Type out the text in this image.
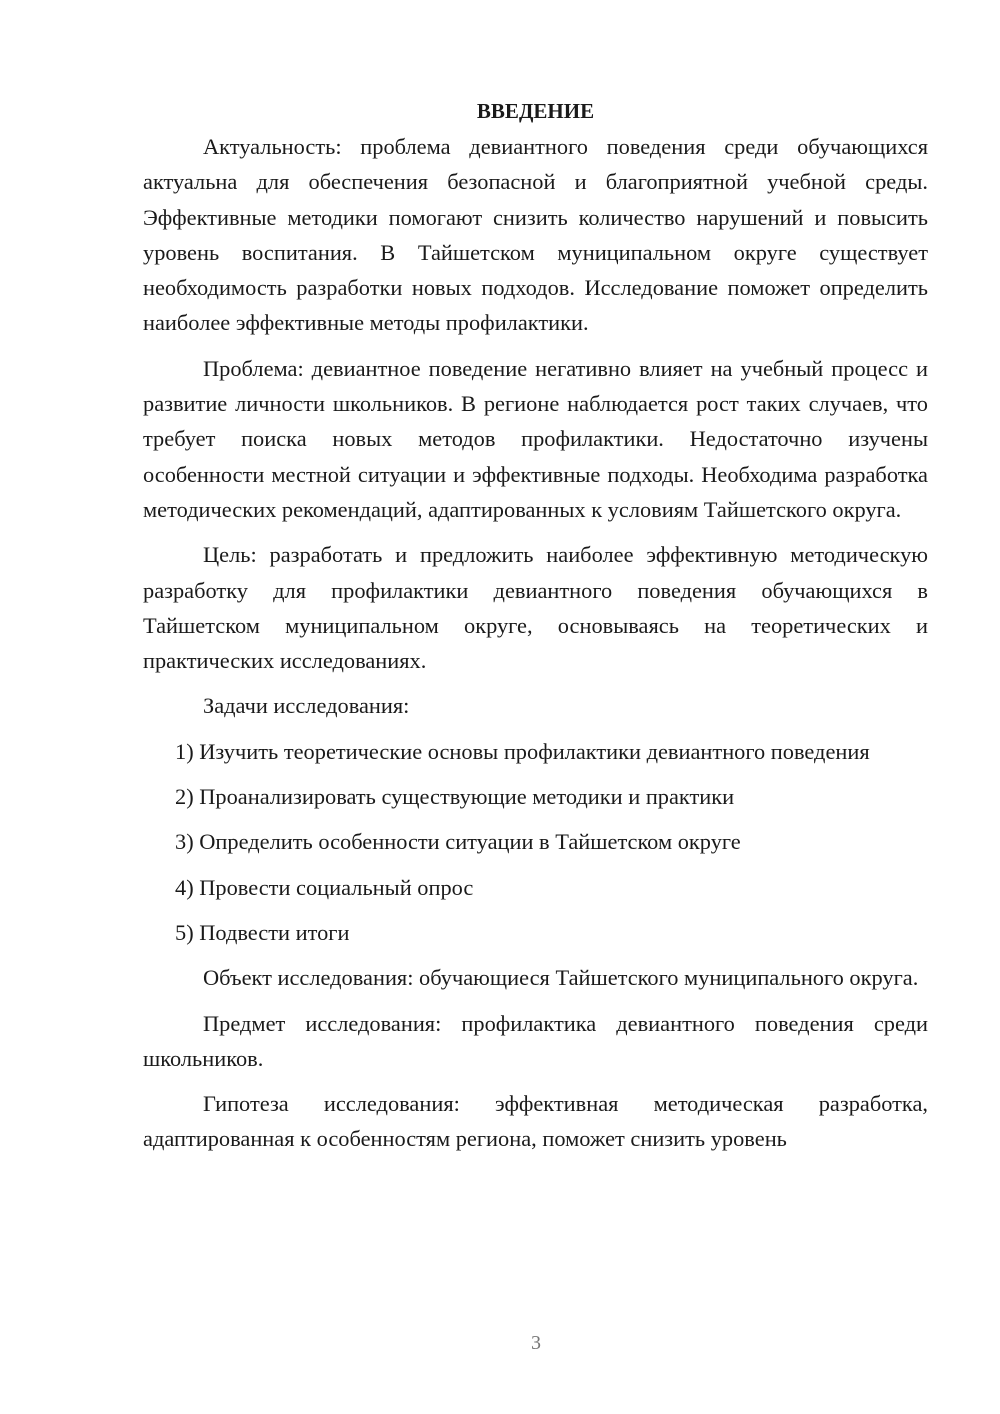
ВВЕДЕНИЕ

Актуальность: проблема девиантного поведения среди обучающихся актуальна для обеспечения безопасной и благоприятной учебной среды. Эффективные методики помогают снизить количество нарушений и повысить уровень воспитания. В Тайшетском муниципальном округе существует необходимость разработки новых подходов. Исследование поможет определить наиболее эффективные методы профилактики.

Проблема: девиантное поведение негативно влияет на учебный процесс и развитие личности школьников. В регионе наблюдается рост таких случаев, что требует поиска новых методов профилактики. Недостаточно изучены особенности местной ситуации и эффективные подходы. Необходима разработка методических рекомендаций, адаптированных к условиям Тайшетского округа.

Цель: разработать и предложить наиболее эффективную методическую разработку для профилактики девиантного поведения обучающихся в Тайшетском муниципальном округе, основываясь на теоретических и практических исследованиях.

Задачи исследования:

1) Изучить теоретические основы профилактики девиантного поведения

2) Проанализировать существующие методики и практики

3) Определить особенности ситуации в Тайшетском округе

4) Провести социальный опрос

5) Подвести итоги

Объект исследования: обучающиеся Тайшетского муниципального округа.

Предмет исследования: профилактика девиантного поведения среди школьников.

Гипотеза исследования: эффективная методическая разработка, адаптированная к особенностям региона, поможет снизить уровень

3
